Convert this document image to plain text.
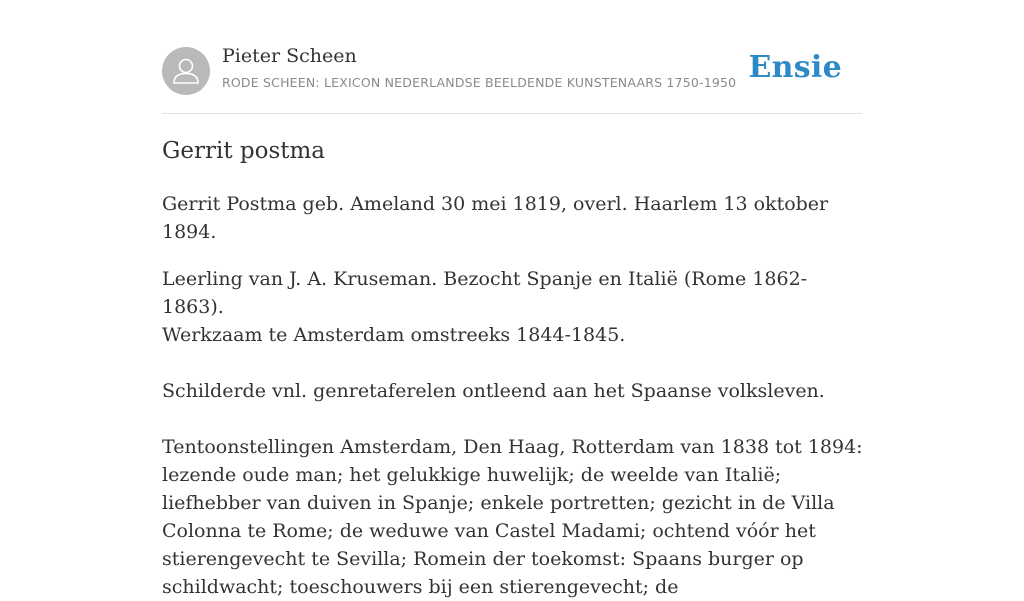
Pieter Scheen
RODE SCHEEN: LEXICON NEDERLANDSE BEELDENDE KUNSTENAARS 1750-1950 Ensie
Gerrit postma

Gerrit Postma geb. Ameland 30 mei 1819, overl. Haarlem 13 oktober 1894.

Leerling van J. A. Kruseman. Bezocht Spanje en Italië (Rome 1862-1863).

Werkzaam te Amsterdam omstreeks 1844-1845.

Schilderde vnl. genretaferelen ontleend aan het Spaanse volksleven.

Tentoonstellingen Amsterdam, Den Haag, Rotterdam van 1838 tot 1894: lezende oude man; het gelukkige huwelijk; de weelde van Italië; liefhebber van duiven in Spanje; enkele portretten; gezicht in de Villa Colonna te Rome; de weduwe van Castel Madami; ochtend vóór het stierengevecht te Sevilla; Romein der toekomst: Spaans burger op schildwacht; toeschouwers bij een stierengevecht; de
